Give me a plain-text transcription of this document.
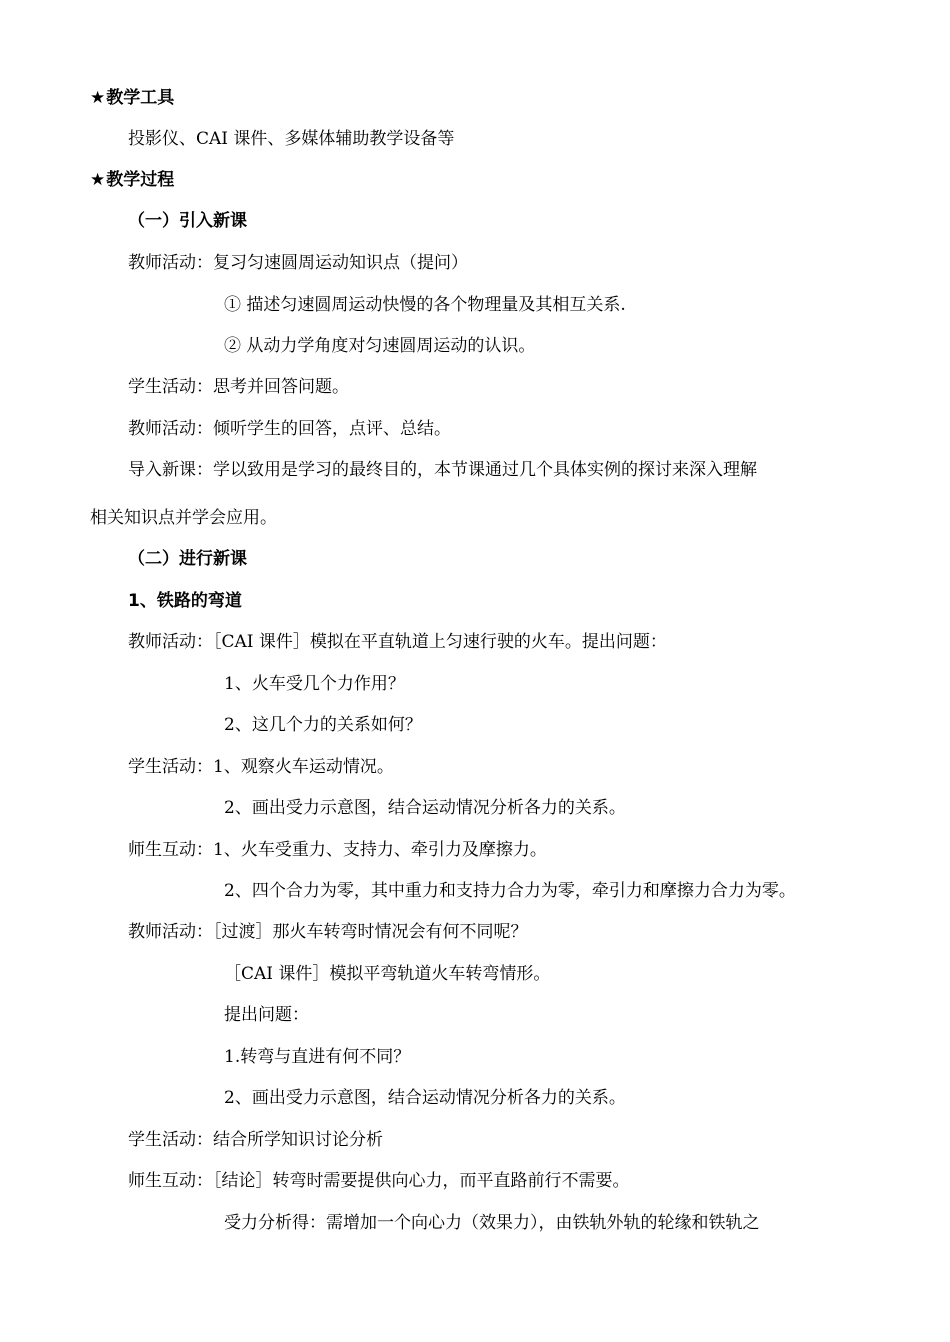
★教学工具
投影仪、CAI 课件、多媒体辅助教学设备等
★教学过程
（一）引入新课
教师活动：复习匀速圆周运动知识点（提问）
① 描述匀速圆周运动快慢的各个物理量及其相互关系.
② 从动力学角度对匀速圆周运动的认识。
学生活动：思考并回答问题。
教师活动：倾听学生的回答，点评、总结。
导入新课：学以致用是学习的最终目的，本节课通过几个具体实例的探讨来深入理解
相关知识点并学会应用。
（二）进行新课
1、铁路的弯道
教师活动：［CAI 课件］模拟在平直轨道上匀速行驶的火车。提出问题：
1、火车受几个力作用？
2、这几个力的关系如何？
学生活动：1、观察火车运动情况。
2、画出受力示意图，结合运动情况分析各力的关系。
师生互动：1、火车受重力、支持力、牵引力及摩擦力。
2、四个合力为零，其中重力和支持力合力为零，牵引力和摩擦力合力为零。
教师活动：［过渡］那火车转弯时情况会有何不同呢？
［CAI 课件］模拟平弯轨道火车转弯情形。
提出问题：
1.转弯与直进有何不同？
2、画出受力示意图，结合运动情况分析各力的关系。
学生活动：结合所学知识讨论分析
师生互动：［结论］转弯时需要提供向心力，而平直路前行不需要。
受力分析得：需增加一个向心力（效果力），由铁轨外轨的轮缘和铁轨之
